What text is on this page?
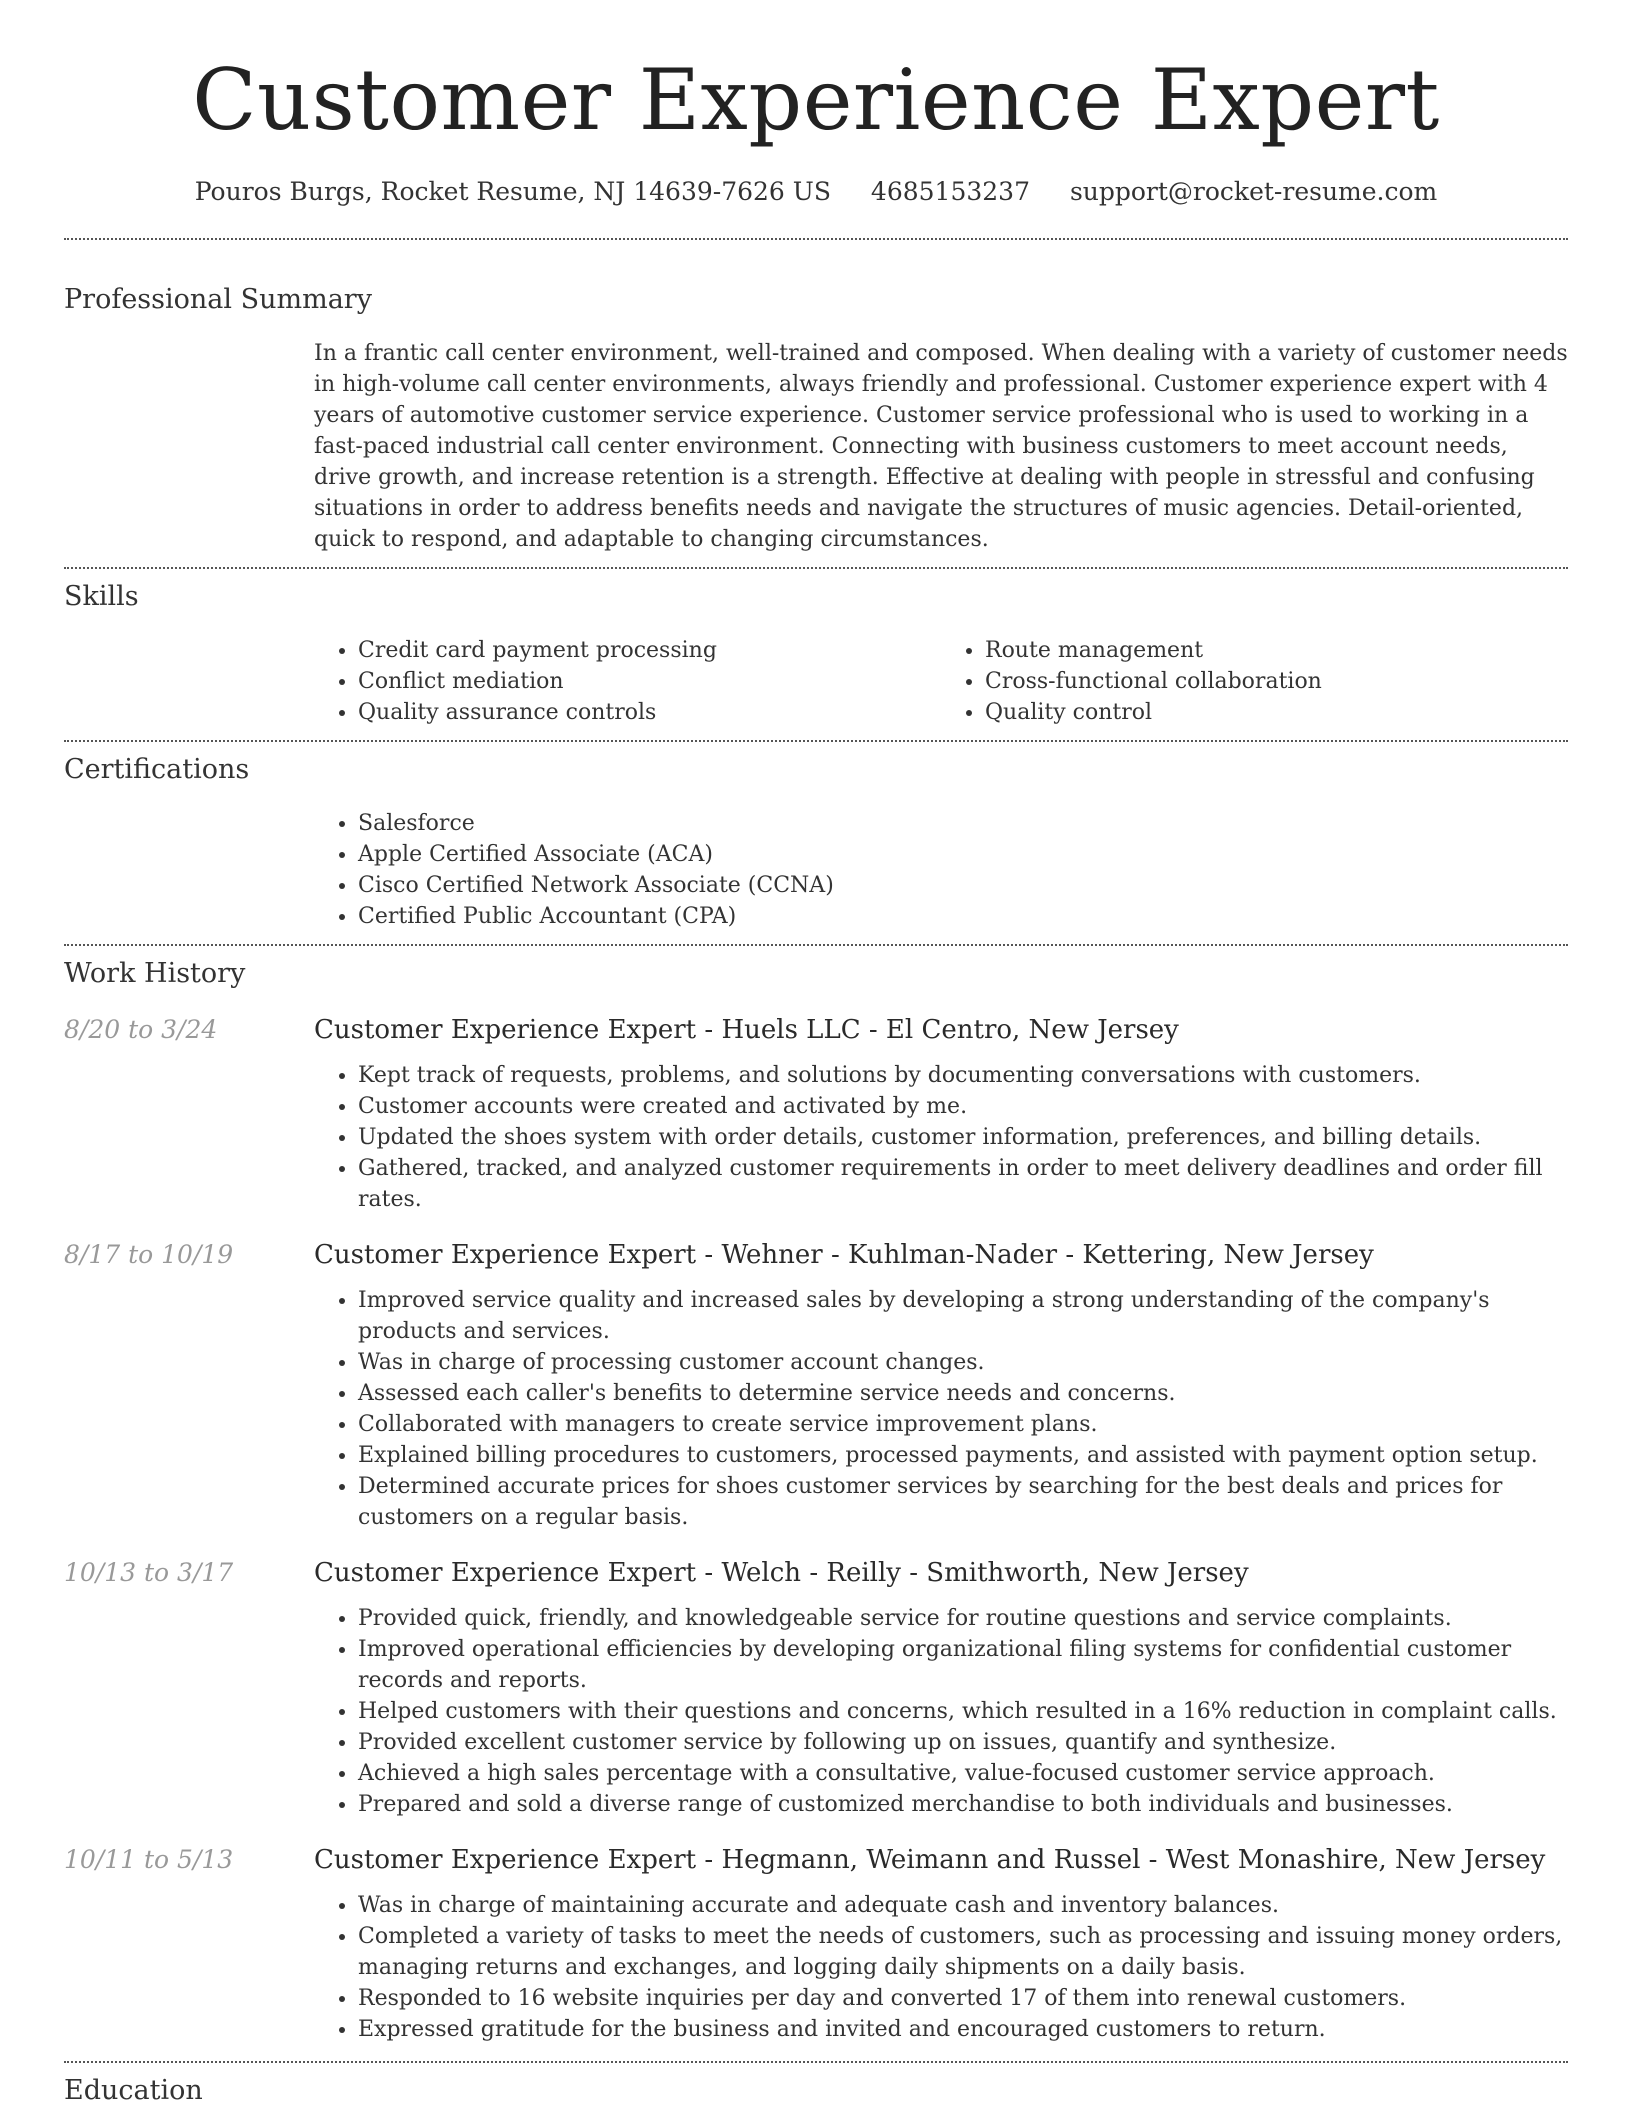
Customer Experience Expert
Pouros Burgs, Rocket Resume, NJ 14639-7626 US 4685153237 support@rocket-resume.com
Professional Summary

In a frantic call center environment, well-trained and composed. When dealing with a variety of customer needs in high-volume call center environments, always friendly and professional. Customer experience expert with 4 years of automotive customer service experience. Customer service professional who is used to working in a fast-paced industrial call center environment. Connecting with business customers to meet account needs, drive growth, and increase retention is a strength. Effective at dealing with people in stressful and confusing situations in order to address benefits needs and navigate the structures of music agencies. Detail-oriented, quick to respond, and adaptable to changing circumstances.

Skills
• Credit card payment processing
• Conflict mediation
• Quality assurance controls
• Route management
• Cross-functional collaboration
• Quality control
Certifications
• Salesforce
• Apple Certified Associate (ACA)
• Cisco Certified Network Associate (CCNA)
• Certified Public Accountant (CPA)
Work History
8/20 to 3/24	Customer Experience Expert - Huels LLC - El Centro, New Jersey
• Kept track of requests, problems, and solutions by documenting conversations with customers.
• Customer accounts were created and activated by me.
• Updated the shoes system with order details, customer information, preferences, and billing details.
• Gathered, tracked, and analyzed customer requirements in order to meet delivery deadlines and order fill rates.
8/17 to 10/19	Customer Experience Expert - Wehner - Kuhlman-Nader - Kettering, New Jersey
• Improved service quality and increased sales by developing a strong understanding of the company's products and services.
• Was in charge of processing customer account changes.
• Assessed each caller's benefits to determine service needs and concerns.
• Collaborated with managers to create service improvement plans.
• Explained billing procedures to customers, processed payments, and assisted with payment option setup.
• Determined accurate prices for shoes customer services by searching for the best deals and prices for customers on a regular basis.
10/13 to 3/17	Customer Experience Expert - Welch - Reilly - Smithworth, New Jersey
• Provided quick, friendly, and knowledgeable service for routine questions and service complaints.
• Improved operational efficiencies by developing organizational filing systems for confidential customer records and reports.
• Helped customers with their questions and concerns, which resulted in a 16% reduction in complaint calls.
• Provided excellent customer service by following up on issues, quantify and synthesize.
• Achieved a high sales percentage with a consultative, value-focused customer service approach.
• Prepared and sold a diverse range of customized merchandise to both individuals and businesses.
10/11 to 5/13	Customer Experience Expert - Hegmann, Weimann and Russel - West Monashire, New Jersey
• Was in charge of maintaining accurate and adequate cash and inventory balances.
• Completed a variety of tasks to meet the needs of customers, such as processing and issuing money orders, managing returns and exchanges, and logging daily shipments on a daily basis.
• Responded to 16 website inquiries per day and converted 17 of them into renewal customers.
• Expressed gratitude for the business and invited and encouraged customers to return.
Education
